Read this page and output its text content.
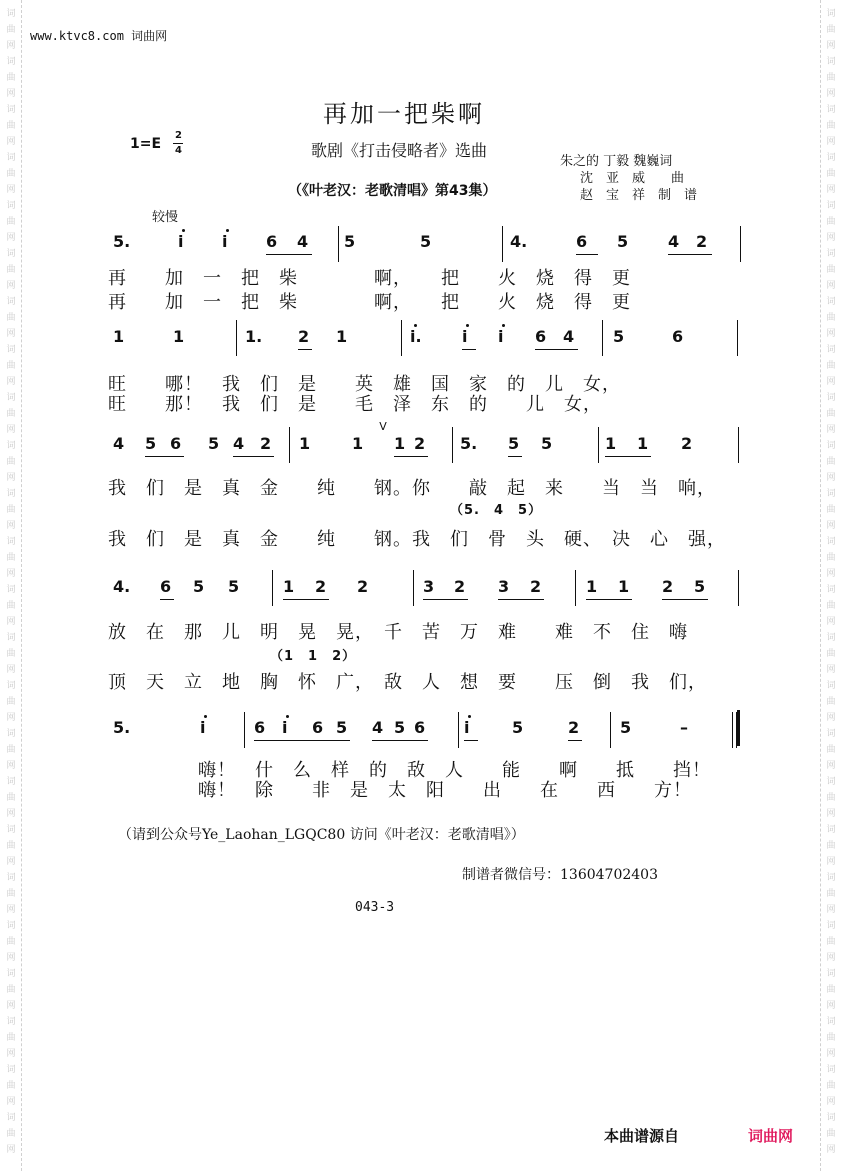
词
曲
网
词
曲
网
词
曲
网
词
曲
网
词
曲
网
词
曲
网
词
曲
网
词
曲
网
词
曲
网
词
曲
网
词
曲
网
词
曲
网
词
曲
网
词
曲
网
词
曲
网
词
曲
网
词
曲
网
词
曲
网
词
曲
网
词
曲
网
词
曲
网
词
曲
网
词
曲
网
词
曲
网
词
曲
网
词
曲
网
词
曲
网
词
曲
网
词
曲
网
词
曲
网
词
曲
网
词
曲
网
词
曲
网
词
曲
网
词
曲
网
词
曲
网
词
曲
网
词
曲
网
词
曲
网
词
曲
网
词
曲
网
词
曲
网
词
曲
网
词
曲
网
词
曲
网
词
曲
网
词
曲
网
词
曲
网
www.ktvc8.com 词曲网
再加一把柴啊
1=E
2
4	歌剧《打击侵略者》选曲
（《叶老汉：老歌清唱》第43集）
朱之的 丁毅 魏巍词
沈　亚　威　　曲
赵　宝　祥　制　谱
较慢
5.	i i 6 4 5	5	4.	6 5 4 2
再　　加　一　把　柴　　　　啊，　　把　　火　烧　得　更
再　　加　一　把　柴　　　　啊，　　把　　火　烧　得　更
1	1	1. 2 1	i.	i i 6 4 5	6
旺　　哪！　我　们　是　　英　雄　国　家　的　儿　女，
旺　　那！　我　们　是　　毛　泽　东　的　　儿　女，
4 5 6 5 4 2 1	1
V
1 2 5. 5 5	1 1 2
我　们　是　真　金　　纯　　钢。你　　敲　起　来　　当　当　响，
我　们　是　真　金　　纯　　钢。我　们　骨　头　硬、　决　心　强，
（5.　4　5）
4. 6 5 5	1 2 2	3 2 3 2	1 1 2 5
放　在　那　儿　明　晃　晃，　千　苦　万　难　　难　不　住　嗨
顶　天　立　地　胸　怀　广，　敌　人　想　要　　压　倒　我　们，
（1　1　2）
5.	i	6 i 6 5 4 5 6 i	5	2	5	–
嗨！　什　么　样　的　敌　人　　能　　啊　　抵　　挡！
嗨！　除　　非　是　太　阳　　出　　在　　西　　方！
（请到公众号Ye_Laohan_LGQC80 访问《叶老汉：老歌清唱》）
制谱者微信号：13604702403
043-3
本曲谱源自	词曲网
